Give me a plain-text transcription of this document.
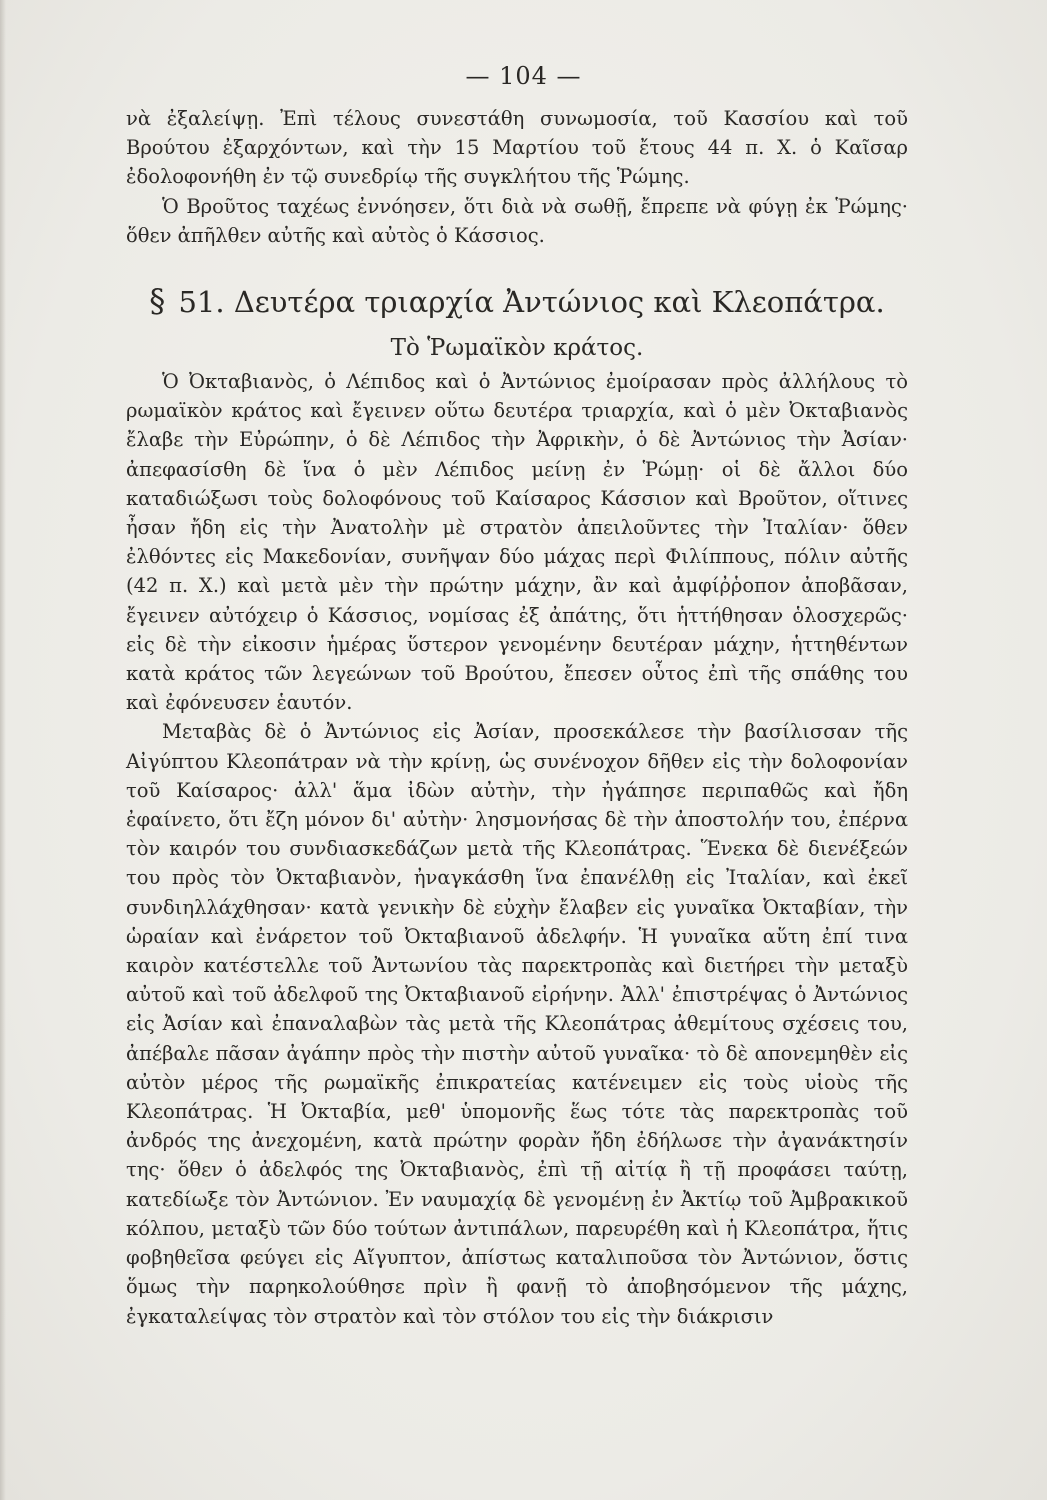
— 104 —

νὰ ἐξαλείψῃ. Ἐπὶ τέλους συνεστάθη συνωμοσία, τοῦ Κασσίου καὶ τοῦ Βρούτου ἐξαρχόντων, καὶ τὴν 15 Μαρτίου τοῦ ἔτους 44 π. Χ. ὁ Καῖσαρ ἐδολοφονήθη ἐν τῷ συνεδρίῳ τῆς συγκλήτου τῆς Ῥώμης.

Ὁ Βροῦτος ταχέως ἐννόησεν, ὅτι διὰ νὰ σωθῇ, ἔπρεπε νὰ φύγῃ ἐκ Ῥώμης· ὅθεν ἀπῆλθεν αὐτῆς καὶ αὐτὸς ὁ Κάσσιος.

§ 51. Δευτέρα τριαρχία Ἀντώνιος καὶ Κλεοπάτρα.
Τὸ Ῥωμαϊκὸν κράτος.

Ὁ Ὀκταβιανὸς, ὁ Λέπιδος καὶ ὁ Ἀντώνιος ἐμοίρασαν πρὸς ἀλλήλους τὸ ρωμαϊκὸν κράτος καὶ ἔγεινεν οὕτω δευτέρα τριαρχία, καὶ ὁ μὲν Ὀκταβιανὸς ἔλαβε τὴν Εὐρώπην, ὁ δὲ Λέπιδος τὴν Ἀφρικὴν, ὁ δὲ Ἀντώνιος τὴν Ἀσίαν· ἀπεφασίσθη δὲ ἵνα ὁ μὲν Λέπιδος μείνῃ ἐν Ῥώμῃ· οἱ δὲ ἄλλοι δύο καταδιώξωσι τοὺς δολοφόνους τοῦ Καίσαρος Κάσσιον καὶ Βροῦτον, οἵτινες ἦσαν ἤδη εἰς τὴν Ἀνατολὴν μὲ στρατὸν ἀπειλοῦντες τὴν Ἰταλίαν· ὅθεν ἐλθόντες εἰς Μακεδονίαν, συνῆψαν δύο μάχας περὶ Φιλίππους, πόλιν αὐτῆς (42 π. Χ.) καὶ μετὰ μὲν τὴν πρώτην μάχην, ἂν καὶ ἀμφίῤῥοπον ἀποβᾶσαν, ἔγεινεν αὐτόχειρ ὁ Κάσσιος, νομίσας ἐξ ἀπάτης, ὅτι ἡττήθησαν ὁλοσχερῶς· εἰς δὲ τὴν εἰκοσιν ἡμέρας ὕστερον γενομένην δευτέραν μάχην, ἡττηθέντων κατὰ κράτος τῶν λεγεώνων τοῦ Βρούτου, ἔπεσεν οὗτος ἐπὶ τῆς σπάθης του καὶ ἐφόνευσεν ἑαυτόν.

Μεταβὰς δὲ ὁ Ἀντώνιος εἰς Ἀσίαν, προσεκάλεσε τὴν βασίλισσαν τῆς Αἰγύπτου Κλεοπάτραν νὰ τὴν κρίνῃ, ὡς συνένοχον δῆθεν εἰς τὴν δολοφονίαν τοῦ Καίσαρος· ἀλλ' ἅμα ἰδὼν αὐτὴν, τὴν ἠγάπησε περιπαθῶς καὶ ἤδη ἐφαίνετο, ὅτι ἔζη μόνον δι' αὐτὴν· λησμονήσας δὲ τὴν ἀποστολήν του, ἐπέρνα τὸν καιρόν του συνδιασκεδάζων μετὰ τῆς Κλεοπάτρας. Ἕνεκα δὲ διενέξεών του πρὸς τὸν Ὀκταβιανὸν, ἠναγκάσθη ἵνα ἐπανέλθῃ εἰς Ἰταλίαν, καὶ ἐκεῖ συνδιηλλάχθησαν· κατὰ γενικὴν δὲ εὐχὴν ἔλαβεν εἰς γυναῖκα Ὀκταβίαν, τὴν ὡραίαν καὶ ἐνάρετον τοῦ Ὀκταβιανοῦ ἀδελφήν. Ἡ γυναῖκα αὕτη ἐπί τινα καιρὸν κατέστελλε τοῦ Ἀντωνίου τὰς παρεκτροπὰς καὶ διετήρει τὴν μεταξὺ αὐτοῦ καὶ τοῦ ἀδελφοῦ της Ὀκταβιανοῦ εἰρήνην. Ἀλλ' ἐπιστρέψας ὁ Ἀντώνιος εἰς Ἀσίαν καὶ ἐπαναλαβὼν τὰς μετὰ τῆς Κλεοπάτρας ἀθεμίτους σχέσεις του, ἀπέβαλε πᾶσαν ἀγάπην πρὸς τὴν πιστὴν αὐτοῦ γυναῖκα· τὸ δὲ απονεμηθὲν εἰς αὐτὸν μέρος τῆς ρωμαϊκῆς ἐπικρατείας κατένειμεν εἰς τοὺς υἱοὺς τῆς Κλεοπάτρας. Ἡ Ὀκταβία, μεθ' ὑπομονῆς ἕως τότε τὰς παρεκτροπὰς τοῦ ἀνδρός της ἀνεχομένη, κατὰ πρώτην φορὰν ἤδη ἐδήλωσε τὴν ἀγανάκτησίν της· ὅθεν ὁ ἀδελφός της Ὀκταβιανὸς, ἐπὶ τῇ αἰτίᾳ ἢ τῇ προφάσει ταύτῃ, κατεδίωξε τὸν Ἀντώνιον. Ἐν ναυμαχίᾳ δὲ γενομένῃ ἐν Ἀκτίῳ τοῦ Ἀμβρακικοῦ κόλπου, μεταξὺ τῶν δύο τούτων ἀντιπάλων, παρευρέθη καὶ ἡ Κλεοπάτρα, ἥτις φοβηθεῖσα φεύγει εἰς Αἴγυπτον, ἀπίστως καταλιποῦσα τὸν Ἀντώνιον, ὅστις ὅμως τὴν παρηκολούθησε πρὶν ἢ φανῇ τὸ ἀποβησόμενον τῆς μάχης, ἐγκαταλείψας τὸν στρατὸν καὶ τὸν στόλον του εἰς τὴν διάκρισιν
